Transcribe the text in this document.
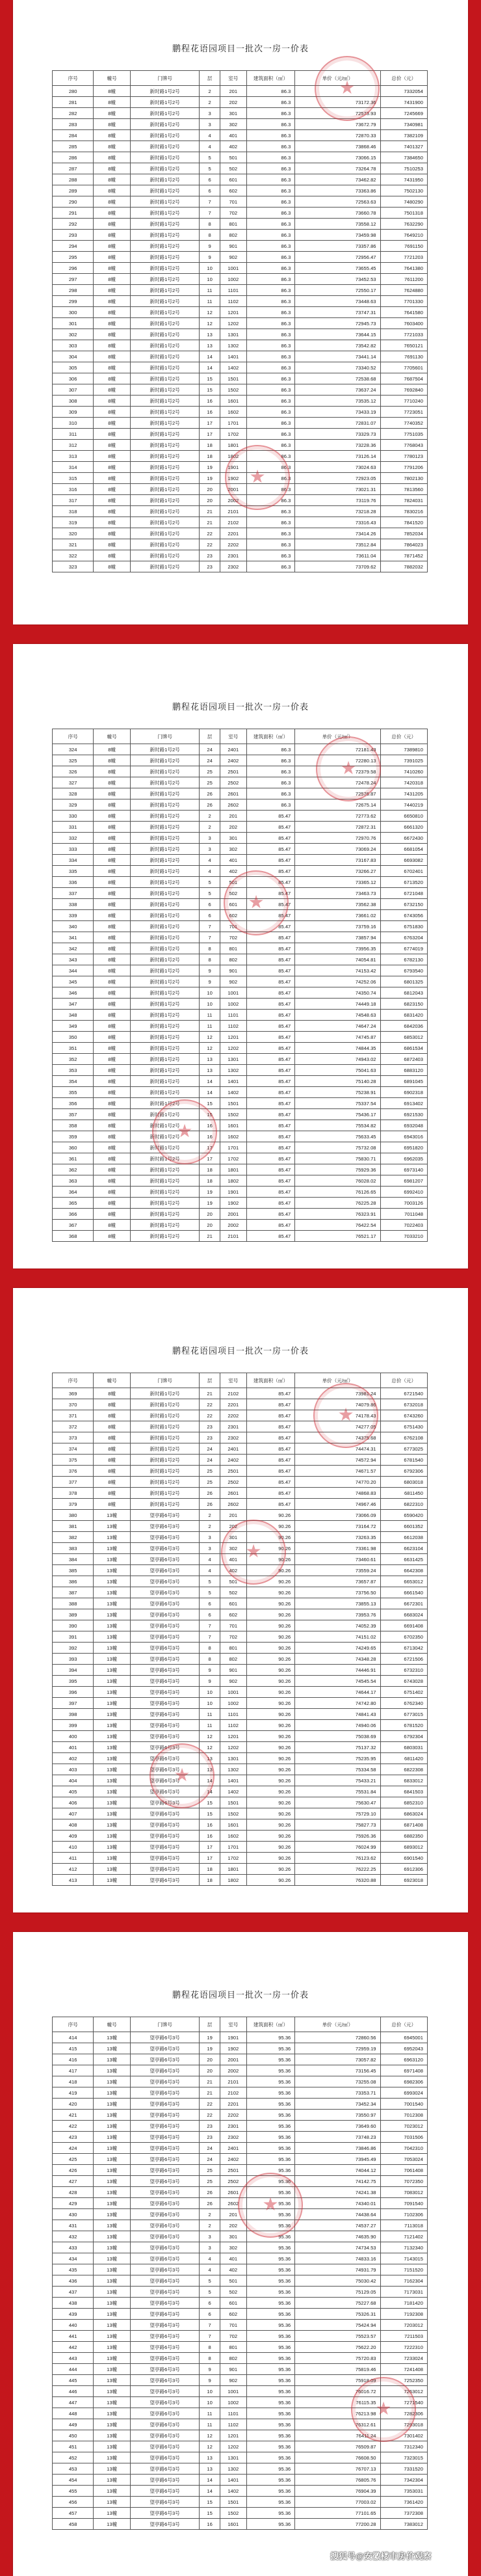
鹏程花语园项目一批次一房一价表
序号	幢号	门牌号	层	室号	建筑面积（㎡）	单价（元/㎡）	总价（元）
280	8幢	新时路1号2号	2	201	86.3		7332054
281	8幢	新时路1号2号	2	202	86.3	73172.36	7431900
282	8幢	新时路1号2号	3	301	86.3	72573.93	7245669
283	8幢	新时路1号2号	3	302	86.3	73672.79	7340981
284	8幢	新时路1号2号	4	401	86.3	72870.33	7382109
285	8幢	新时路1号2号	4	402	86.3	73868.46	7401327
286	8幢	新时路1号2号	5	501	86.3	73066.15	7384650
287	8幢	新时路1号2号	5	502	86.3	73264.78	7510253
288	8幢	新时路1号2号	6	601	86.3	73462.82	7431950
289	8幢	新时路1号2号	6	602	86.3	73363.86	7502130
290	8幢	新时路1号2号	7	701	86.3	72563.63	7480290
291	8幢	新时路1号2号	7	702	86.3	73660.78	7501318
292	8幢	新时路1号2号	8	801	86.3	73558.12	7632290
293	8幢	新时路1号2号	8	802	86.3	73459.98	7649210
294	8幢	新时路1号2号	9	901	86.3	73357.86	7691150
295	8幢	新时路1号2号	9	902	86.3	72956.47	7721203
296	8幢	新时路1号2号	10	1001	86.3	73655.45	7641380
297	8幢	新时路1号2号	10	1002	86.3	73452.53	7611200
298	8幢	新时路1号2号	11	1101	86.3	72550.17	7624880
299	8幢	新时路1号2号	11	1102	86.3	73448.63	7701330
300	8幢	新时路1号2号	12	1201	86.3	73747.31	7641580
301	8幢	新时路1号2号	12	1202	86.3	72945.73	7603400
302	8幢	新时路1号2号	13	1301	86.3	73644.15	7721033
303	8幢	新时路1号2号	13	1302	86.3	73542.82	7650121
304	8幢	新时路1号2号	14	1401	86.3	73441.14	7691130
305	8幢	新时路1号2号	14	1402	86.3	73340.52	7705601
306	8幢	新时路1号2号	15	1501	86.3	72538.68	7687504
307	8幢	新时路1号2号	15	1502	86.3	73637.24	7692840
308	8幢	新时路1号2号	16	1601	86.3	73535.12	7710240
309	8幢	新时路1号2号	16	1602	86.3	73433.19	7723051
310	8幢	新时路1号2号	17	1701	86.3	72831.07	7740352
311	8幢	新时路1号2号	17	1702	86.3	73329.73	7751035
312	8幢	新时路1号2号	18	1801	86.3	73228.36	7768043
313	8幢	新时路1号2号	18	1802	86.3	73126.14	7780123
314	8幢	新时路1号2号	19	1901	86.3	73024.63	7791206
315	8幢	新时路1号2号	19	1902	86.3	72923.05	7802130
316	8幢	新时路1号2号	20	2001	86.3	73021.31	7813560
317	8幢	新时路1号2号	20	2002	86.3	73119.76	7824031
318	8幢	新时路1号2号	21	2101	86.3	73218.28	7830216
319	8幢	新时路1号2号	21	2102	86.3	73316.43	7841520
320	8幢	新时路1号2号	22	2201	86.3	73414.26	7852034
321	8幢	新时路1号2号	22	2202	86.3	73512.84	7864023
322	8幢	新时路1号2号	23	2301	86.3	73611.04	7871452
323	8幢	新时路1号2号	23	2302	86.3	73709.62	7882032
★
★
鹏程花语园项目一批次一房一价表
序号	幢号	门牌号	层	室号	建筑面积（㎡）	单价（元/㎡）	总价（元）
324	8幢	新时路1号2号	24	2401	86.3	72181.43	7389810
325	8幢	新时路1号2号	24	2402	86.3	72280.13	7391025
326	8幢	新时路1号2号	25	2501	86.3	72379.58	7410260
327	8幢	新时路1号2号	25	2502	86.3	72478.24	7420318
328	8幢	新时路1号2号	26	2601	86.3	72576.87	7431205
329	8幢	新时路1号2号	26	2602	86.3	72675.14	7440219
330	8幢	新时路1号2号	2	201	85.47	72773.62	6650810
331	8幢	新时路1号2号	2	202	85.47	72872.31	6661320
332	8幢	新时路1号2号	3	301	85.47	72970.76	6672430
333	8幢	新时路1号2号	3	302	85.47	73069.24	6681054
334	8幢	新时路1号2号	4	401	85.47	73167.83	6693082
335	8幢	新时路1号2号	4	402	85.47	73266.27	6702401
336	8幢	新时路1号2号	5	501	85.47	73365.12	6713520
337	8幢	新时路1号2号	5	502	85.47	73463.73	6721048
338	8幢	新时路1号2号	6	601	85.47	73562.38	6732150
339	8幢	新时路1号2号	6	602	85.47	73661.02	6743056
340	8幢	新时路1号2号	7	701	85.47	73759.16	6751830
341	8幢	新时路1号2号	7	702	85.47	73857.94	6763204
342	8幢	新时路1号2号	8	801	85.47	73956.35	6774019
343	8幢	新时路1号2号	8	802	85.47	74054.81	6782130
344	8幢	新时路1号2号	9	901	85.47	74153.42	6793540
345	8幢	新时路1号2号	9	902	85.47	74252.06	6801325
346	8幢	新时路1号2号	10	1001	85.47	74350.74	6812043
347	8幢	新时路1号2号	10	1002	85.47	74449.18	6823150
348	8幢	新时路1号2号	11	1101	85.47	74548.63	6831420
349	8幢	新时路1号2号	11	1102	85.47	74647.24	6842036
350	8幢	新时路1号2号	12	1201	85.47	74745.87	6853012
351	8幢	新时路1号2号	12	1202	85.47	74844.35	6861534
352	8幢	新时路1号2号	13	1301	85.47	74943.02	6872403
353	8幢	新时路1号2号	13	1302	85.47	75041.63	6883120
354	8幢	新时路1号2号	14	1401	85.47	75140.28	6891045
355	8幢	新时路1号2号	14	1402	85.47	75238.91	6902318
356	8幢	新时路1号2号	15	1501	85.47	75337.54	6913402
357	8幢	新时路1号2号	15	1502	85.47	75436.17	6921530
358	8幢	新时路1号2号	16	1601	85.47	75534.82	6932048
359	8幢	新时路1号2号	16	1602	85.47	75633.45	6943016
360	8幢	新时路1号2号	17	1701	85.47	75732.08	6951820
361	8幢	新时路1号2号	17	1702	85.47	75830.71	6962035
362	8幢	新时路1号2号	18	1801	85.47	75929.36	6973140
363	8幢	新时路1号2号	18	1802	85.47	76028.02	6981207
364	8幢	新时路1号2号	19	1901	85.47	76126.65	6992410
365	8幢	新时路1号2号	19	1902	85.47	76225.28	7003126
366	8幢	新时路1号2号	20	2001	85.47	76323.91	7011048
367	8幢	新时路1号2号	20	2002	85.47	76422.54	7022403
368	8幢	新时路1号2号	21	2101	85.47	76521.17	7033210
★
★
★
鹏程花语园项目一批次一房一价表
序号	幢号	门牌号	层	室号	建筑面积（㎡）	单价（元/㎡）	总价（元）
369	8幢	新时路1号2号	21	2102	85.47	73981.24	6721540
370	8幢	新时路1号2号	22	2201	85.47	74079.86	6732018
371	8幢	新时路1号2号	22	2202	85.47	74178.43	6743260
372	8幢	新时路1号2号	23	2301	85.47	74277.05	6751430
373	8幢	新时路1号2号	23	2302	85.47	74375.68	6762108
374	8幢	新时路1号2号	24	2401	85.47	74474.31	6773025
375	8幢	新时路1号2号	24	2402	85.47	74572.94	6781540
376	8幢	新时路1号2号	25	2501	85.47	74671.57	6792306
377	8幢	新时路1号2号	25	2502	85.47	74770.20	6803018
378	8幢	新时路1号2号	26	2601	85.47	74868.83	6811450
379	8幢	新时路1号2号	26	2602	85.47	74967.46	6822310
380	13幢	望亭路6号3号	2	201	90.26	73066.09	6590420
381	13幢	望亭路6号3号	2	202	90.26	73164.72	6601352
382	13幢	望亭路6号3号	3	301	90.26	73263.35	6612038
383	13幢	望亭路6号3号	3	302	90.26	73361.98	6623104
384	13幢	望亭路6号3号	4	401	90.26	73460.61	6631425
385	13幢	望亭路6号3号	4	402	90.26	73559.24	6642308
386	13幢	望亭路6号3号	5	501	90.26	73657.87	6653012
387	13幢	望亭路6号3号	5	502	90.26	73756.50	6661540
388	13幢	望亭路6号3号	6	601	90.26	73855.13	6672301
389	13幢	望亭路6号3号	6	602	90.26	73953.76	6683024
390	13幢	望亭路6号3号	7	701	90.26	74052.39	6691408
391	13幢	望亭路6号3号	7	702	90.26	74151.02	6702350
392	13幢	望亭路6号3号	8	801	90.26	74249.65	6713042
393	13幢	望亭路6号3号	8	802	90.26	74348.28	6721506
394	13幢	望亭路6号3号	9	901	90.26	74446.91	6732310
395	13幢	望亭路6号3号	9	902	90.26	74545.54	6743028
396	13幢	望亭路6号3号	10	1001	90.26	74644.17	6751402
397	13幢	望亭路6号3号	10	1002	90.26	74742.80	6762340
398	13幢	望亭路6号3号	11	1101	90.26	74841.43	6773015
399	13幢	望亭路6号3号	11	1102	90.26	74940.06	6781520
400	13幢	望亭路6号3号	12	1201	90.26	75038.69	6792304
401	13幢	望亭路6号3号	12	1202	90.26	75137.32	6803031
402	13幢	望亭路6号3号	13	1301	90.26	75235.95	6811420
403	13幢	望亭路6号3号	13	1302	90.26	75334.58	6822308
404	13幢	望亭路6号3号	14	1401	90.26	75433.21	6833012
405	13幢	望亭路6号3号	14	1402	90.26	75531.84	6841503
406	13幢	望亭路6号3号	15	1501	90.26	75630.47	6852310
407	13幢	望亭路6号3号	15	1502	90.26	75729.10	6863024
408	13幢	望亭路6号3号	16	1601	90.26	75827.73	6871408
409	13幢	望亭路6号3号	16	1602	90.26	75926.36	6882350
410	13幢	望亭路6号3号	17	1701	90.26	76024.99	6893012
411	13幢	望亭路6号3号	17	1702	90.26	76123.62	6901540
412	13幢	望亭路6号3号	18	1801	90.26	76222.25	6912306
413	13幢	望亭路6号3号	18	1802	90.26	76320.88	6923018
★
★
★
鹏程花语园项目一批次一房一价表
序号	幢号	门牌号	层	室号	建筑面积（㎡）	单价（元/㎡）	总价（元）
414	13幢	望亭路6号3号	19	1901	95.36	72860.56	6945001
415	13幢	望亭路6号3号	19	1902	95.36	72959.19	6952043
416	13幢	望亭路6号3号	20	2001	95.36	73057.82	6963120
417	13幢	望亭路6号3号	20	2002	95.36	73156.45	6971408
418	13幢	望亭路6号3号	21	2101	95.36	73255.08	6982306
419	13幢	望亭路6号3号	21	2102	95.36	73353.71	6993024
420	13幢	望亭路6号3号	22	2201	95.36	73452.34	7001540
421	13幢	望亭路6号3号	22	2202	95.36	73550.97	7012308
422	13幢	望亭路6号3号	23	2301	95.36	73649.60	7023012
423	13幢	望亭路6号3号	23	2302	95.36	73748.23	7031506
424	13幢	望亭路6号3号	24	2401	95.36	73846.86	7042310
425	13幢	望亭路6号3号	24	2402	95.36	73945.49	7053024
426	13幢	望亭路6号3号	25	2501	95.36	74044.12	7061408
427	13幢	望亭路6号3号	25	2502	95.36	74142.75	7072350
428	13幢	望亭路6号3号	26	2601	95.36	74241.38	7083012
429	13幢	望亭路6号3号	26	2602	95.36	74340.01	7091540
430	13幢	望亭路6号3号	2	201	95.36	74438.64	7102306
431	13幢	望亭路6号3号	2	202	95.36	74537.27	7113018
432	13幢	望亭路6号3号	3	301	95.36	74635.90	7121402
433	13幢	望亭路6号3号	3	302	95.36	74734.53	7132340
434	13幢	望亭路6号3号	4	401	95.36	74833.16	7143015
435	13幢	望亭路6号3号	4	402	95.36	74931.79	7151520
436	13幢	望亭路6号3号	5	501	95.36	75030.42	7162304
437	13幢	望亭路6号3号	5	502	95.36	75129.05	7173031
438	13幢	望亭路6号3号	6	601	95.36	75227.68	7181420
439	13幢	望亭路6号3号	6	602	95.36	75326.31	7192308
440	13幢	望亭路6号3号	7	701	95.36	75424.94	7203012
441	13幢	望亭路6号3号	7	702	95.36	75523.57	7211503
442	13幢	望亭路6号3号	8	801	95.36	75622.20	7222310
443	13幢	望亭路6号3号	8	802	95.36	75720.83	7233024
444	13幢	望亭路6号3号	9	901	95.36	75819.46	7241408
445	13幢	望亭路6号3号	9	902	95.36	75918.09	7252350
446	13幢	望亭路6号3号	10	1001	95.36	76016.72	7263012
447	13幢	望亭路6号3号	10	1002	95.36	76115.35	7271540
448	13幢	望亭路6号3号	11	1101	95.36	76213.98	7282306
449	13幢	望亭路6号3号	11	1102	95.36	76312.61	7293018
450	13幢	望亭路6号3号	12	1201	95.36	76411.24	7301402
451	13幢	望亭路6号3号	12	1202	95.36	76509.87	7312340
452	13幢	望亭路6号3号	13	1301	95.36	76608.50	7323015
453	13幢	望亭路6号3号	13	1302	95.36	76707.13	7331520
454	13幢	望亭路6号3号	14	1401	95.36	76805.76	7342304
455	13幢	望亭路6号3号	14	1402	95.36	76904.39	7353031
456	13幢	望亭路6号3号	15	1501	95.36	77003.02	7361420
457	13幢	望亭路6号3号	15	1502	95.36	77101.65	7372308
458	13幢	望亭路6号3号	16	1601	95.36	77200.28	7383012
★
★
搜狐号@安徽楼市房价观察
